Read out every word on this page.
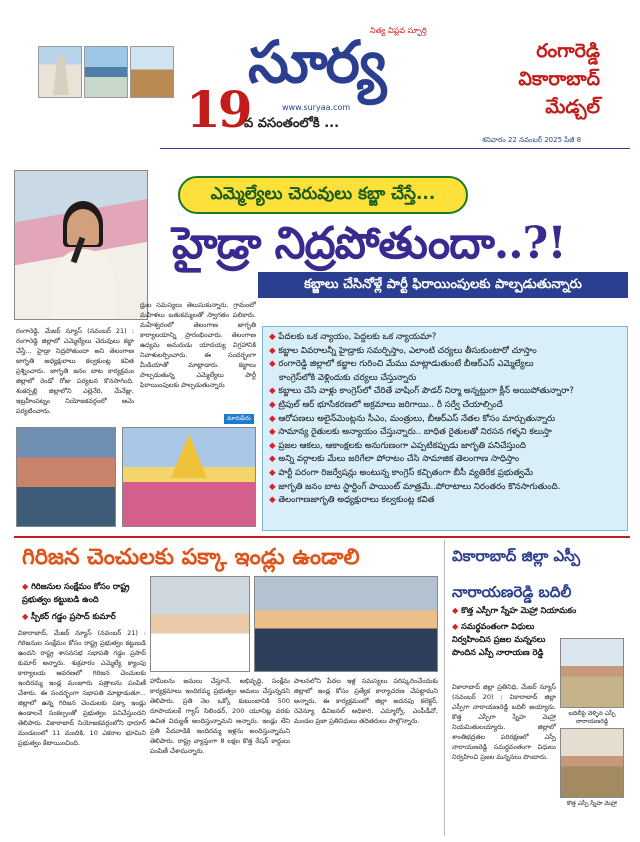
19
వ వసంతంలోకి ...
సూర్య
నిత్య విప్లవ స్ఫూర్తి
www.suryaa.com
రంగారెడ్డి
వికారాబాద్
మేడ్చల్
శనివారం 22 నవంబర్ 2025 పేజీ 8
ఎమ్మెల్యేలు చెరువులు కబ్జా చేస్తే...
హైడ్రా నిద్రపోతుందా..?!
కబ్జాలు చేసినోళ్లే పార్టీ ఫిరాయింపులకు పాల్పడుతున్నారు
రంగారెడ్డి, మేజర్ న్యూస్ (నవంబర్ 21) : రంగారెడ్డి జిల్లాలో ఎమ్మెల్యేలు చెరువులు కబ్జా చేస్తే... హైడ్రా నిద్రపోతుందా అని తెలంగాణ జాగృతి అధ్యక్షురాలు కల్వకుంట్ల కవిత ప్రశ్నించారు. జాగృతి జనం బాట కార్యక్రమం జిల్లాలో రెండో రోజు పర్యటన కొనసాగింది. శంకర్పల్లి జిల్లాలోని ఎల్లెనేరి, మేనేజ్లు, ఇబ్రహీంపట్నం నియోజకవర్గంలో ఆమె పర్యటించారు.
ధ్రుల సమస్యలు తెలుసుకున్నారు. గ్రామంలో మహిళలు బతుకమ్మలతో స్వాగతం పలికారు. మహేశ్వరంలో తెలంగాణ జాగృతి కార్యాలయాన్ని ప్రారంభించారు. తెలంగాణ ఉద్యమ అమరుడు యాదయ్య విగ్రహానికి నివాళులర్పించారు. ఈ సందర్భంగా మీడియాతో మాట్లాడారు. కబ్జాలు పాల్పడుతున్న ఎమ్మెల్యేలు పార్టీ ఫిరాయింపులకు పాల్పడుతున్నారు
మారుపేరు
◆ పేదలకు ఒక న్యాయం, పెద్దలకు ఒక న్యాయమా?
◆ కబ్జాల వివరాలన్నీ హైడ్రాకు సమర్పిస్తాం, ఎలాంటి చర్యలు తీసుకుంటారో చూస్తాం
◆ రంగారెడ్డి జిల్లాలో కబ్జాల గురించి మేము మాట్లాడుతుంటే బీఆర్ఎస్ ఎమ్మెల్యేలు
కాంగ్రెస్‌లోకి వెళ్లిందుకు చర్యలు చేస్తున్నారు
◆ కబ్జాలు చేసే వాళ్లు కాంగ్రెస్‌లో చేరితే వాషింగ్ పౌడర్ నిర్మా అన్నట్లుగా క్లీన్ అయిపోతున్నారా?
◆ ట్రిపుల్ ఆర్ భూసేకరణలో అక్రమాలు జరిగాయి.. రీ సర్వే చేయాల్సిందే
◆ ఆరోపణలు అలైన్‌మెంట్లను సీఎం, మంత్రులు, బీఆర్ఎస్ నేతల కోసం మార్చుతున్నారు
◆ సామాన్య రైతులకు అన్యాయం చేస్తున్నారు.. బాధిత రైతులతో నిరసన గళ్ళని కలుస్తా
◆ ప్రజల ఆకలు, ఆకాంక్షలకు అనుగుణంగా ఎప్పటికప్పుడు జాగృతి పనిచేస్తుంది
◆ అన్ని వర్గాలకు మేలు జరిగేలా పోరాటం చేసి సామాజిక తెలంగాణ సాధిస్తాం
◆ పార్టీ పరంగా రిజర్వేషన్లు అంటున్న కాంగ్రెస్ కచ్చితంగా బీసీ వ్యతిరేక ప్రభుత్వమే
◆ జాగృతి జనం బాట స్టార్టింగ్ పాయింట్ మాత్రమే..పోరాటాలు నిరంతరం కొనసాగుతుంది.
◆ తెలంగాణజాగృతి అధ్యక్షురాలు కల్వకుంట్ల కవిత
గిరిజన చెంచులకు పక్కా ఇండ్లు ఉండాలి
◆ గిరిజనుల సంక్షేమం కోసం రాష్ట్ర ప్రభుత్వం కట్టుబడి ఉంది
◆ స్పీకర్ గడ్డం ప్రసాద్ కుమార్
వికారాబాద్, మేజర్ న్యూస్ (నవంబర్ 21) : గిరిజనుల సంక్షేమం కోసం రాష్ట్ర ప్రభుత్వం కట్టుబడి ఉందని రాష్ట్ర శాసనసభ సభాపతి గడ్డం ప్రసాద్ కుమార్ అన్నారు. శుక్రవారం ఎమ్మెల్యే క్యాంపు కార్యాలయ ఆవరణలో గిరిజన చెంచులకు ఇందిరమ్మ ఇండ్ల మంజూరు పత్రాలను పంపిణీ చేశారు. ఈ సందర్భంగా సభాపతి మాట్లాడుతూ... జిల్లాలో ఉన్న గిరిజన చెంచులకు పక్కా ఇండ్లు ఉండాలనే సంకల్పంతో ప్రభుత్వం పనిచేస్తుందని తెలిపారు. వికారాబాద్ నియోజకవర్గంలోని ధారూర్ మండలంలో 11 మందికి, 10 ఎకరాల భూమిని ప్రభుత్వం కేటాయించింది.
హామీలను అమలు చేస్తూనే, అభివృద్ధి, సంక్షేమ కార్యక్రమాలు ఇందిరమ్మ ప్రభుత్వం అమలు చేస్తున్నదని తెలిపారు. ప్రతి నెల ఒక్కో కుటుంబానికి 500 రూపాయలకే గ్యాస్ సిలిండర్, 200 యూనిట్ల వరకు ఉచిత విద్యుత్ అందిస్తున్నామని అన్నారు. ఇండ్లు లేని ప్రతి పేదవాడికి ఇందిరమ్మ ఇళ్లను అందిస్తున్నామని తెలిపారు. రాష్ట్ర వ్యాప్తంగా 8 లక్షల కొత్త రేషన్ కార్డులు పంపిణీ చేశామన్నారు.
పాలనలోని పేదల ఇళ్ల సమస్యలు పరిష్కరించేందుకు జిల్లాలో ఇండ్ల కోసం ప్రత్యేక కార్యాచరణ చేపట్టామని అన్నారు. ఈ కార్యక్రమంలో జిల్లా అదనపు కలెక్టర్, రెవెన్యూ డివిజనల్ అధికారి, ఎమ్మార్వో, ఎంపీడీవో, మండల ప్రజా ప్రతినిధులు తదితరులు పాల్గొన్నారు.
వికారాబాద్ జిల్లా ఎస్పీ నారాయణరెడ్డి బదిలీ
◆ కొత్త ఎస్పీగా స్నేహ మెహ్రా నియామకం
◆ సమర్థవంతంగా విధులు నిర్వహించిన ప్రజల మన్ననలు పొందిన ఎస్పీ నారాయణ రెడ్డి
వికారాబాద్ జిల్లా ప్రతినిధి, మేజర్ న్యూస్ (నవంబర్ 20) : వికారాబాద్ జిల్లా ఎస్పీగా నారాయణరెడ్డి బదిలీ అయ్యారు. కొత్త ఎస్పీగా స్నేహ మెహ్రా నియమితులయ్యారు. జిల్లాలో శాంతిభద్రతల పరిరక్షణలో ఎస్పీ నారాయణరెడ్డి సమర్థవంతంగా విధులు నిర్వహించి ప్రజల మన్ననలు పొందారు.
బదిలీపై వెళ్ళిన ఎస్పీ నారాయణరెడ్డి
కొత్త ఎస్పీ స్నేహ మెహ్రా
